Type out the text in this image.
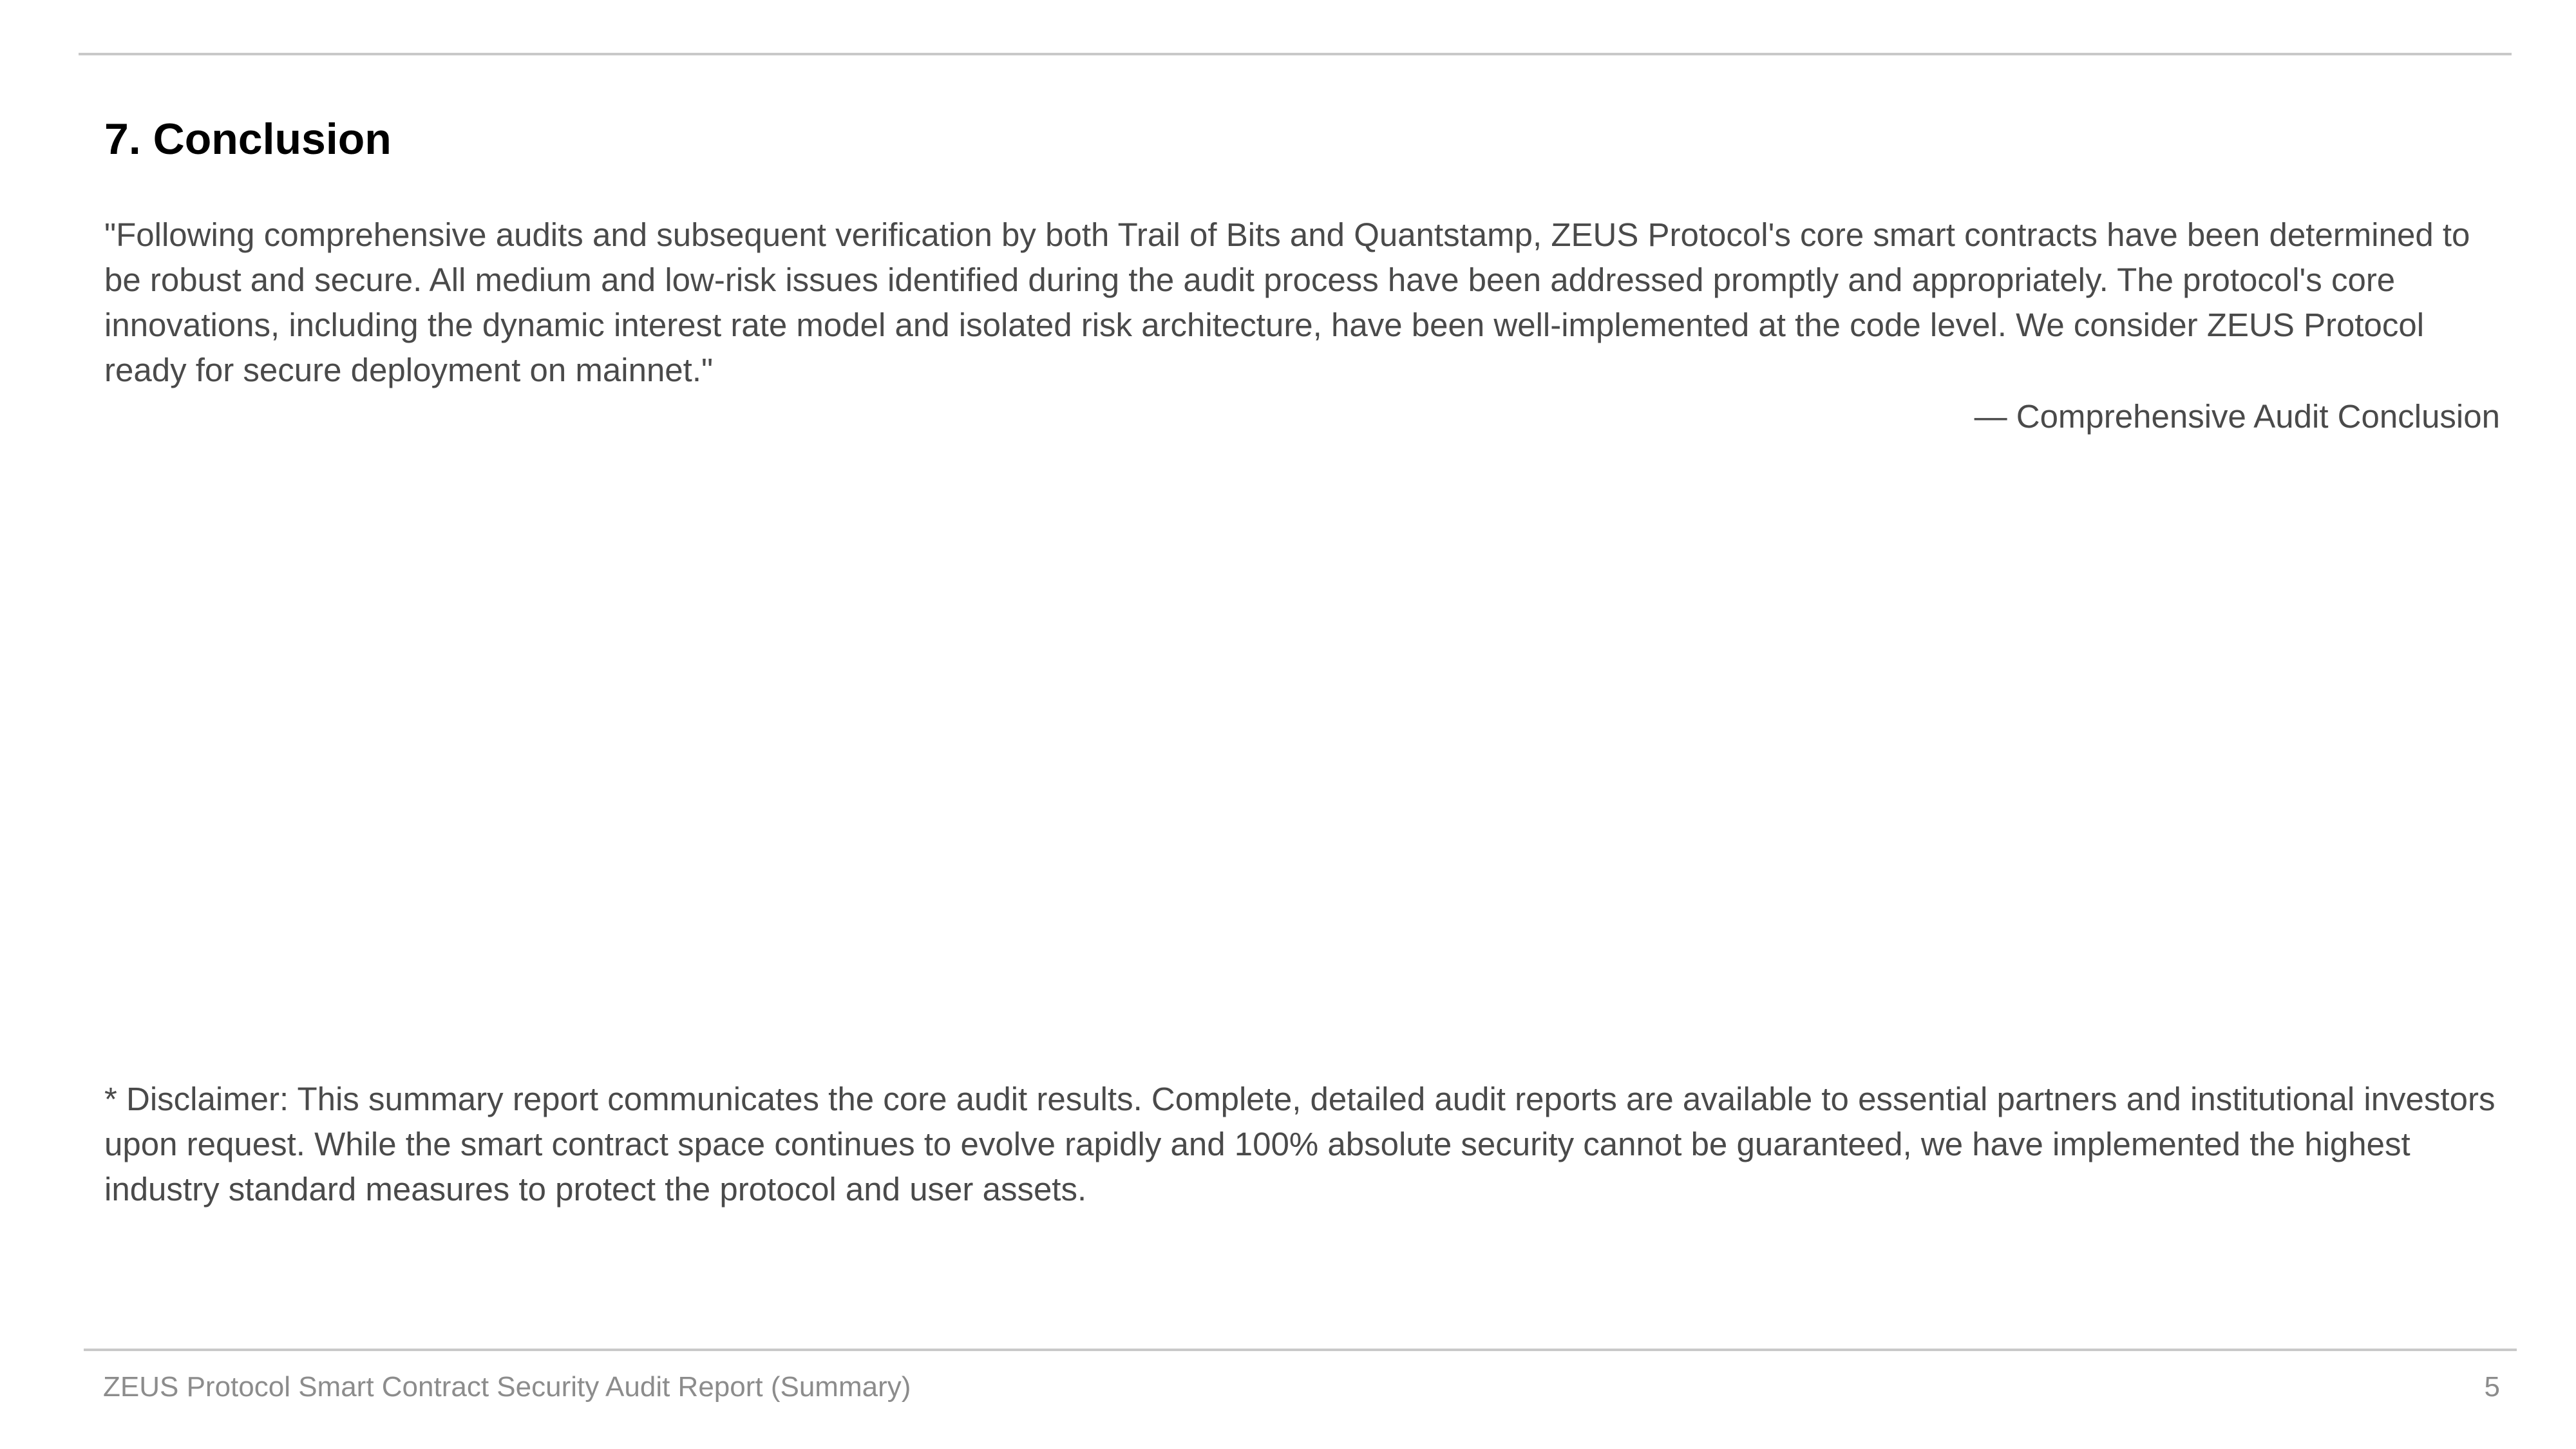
7. Conclusion

"Following comprehensive audits and subsequent verification by both Trail of Bits and Quantstamp, ZEUS Protocol's core smart contracts have been determined to be robust and secure. All medium and low-risk issues identified during the audit process have been addressed promptly and appropriately. The protocol's core innovations, including the dynamic interest rate model and isolated risk architecture, have been well-implemented at the code level. We consider ZEUS Protocol ready for secure deployment on mainnet."

— Comprehensive Audit Conclusion

* Disclaimer: This summary report communicates the core audit results. Complete, detailed audit reports are available to essential partners and institutional investors upon request. While the smart contract space continues to evolve rapidly and 100% absolute security cannot be guaranteed, we have implemented the highest industry standard measures to protect the protocol and user assets.

ZEUS Protocol Smart Contract Security Audit Report (Summary)	5
